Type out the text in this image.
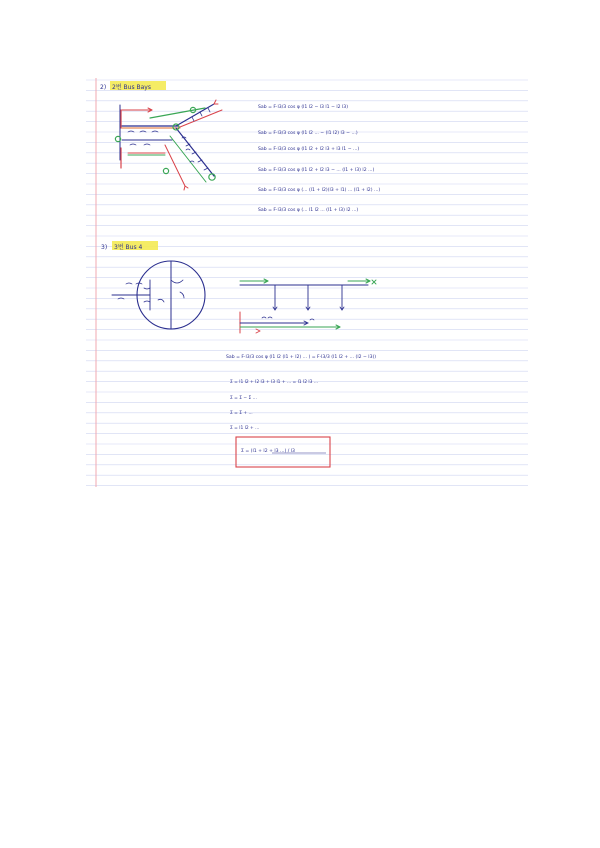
2) 2번 Bus Bays
Sab = F·l3/3 cos φ (l1 l2 − l3 l1 − l2 l3)
Sab = F·l3/3 cos φ (l1 l2 ... − (l1 l2) l3 − ...)
Sab = F·l3/3 cos φ (l1 l2 + l2 l3 + l3 l1 − ...)
Sab = F·l3/3 cos φ (l1 l2 + l2 l3 − ... (l1 + l3) l2 ...)
Sab = F·l3/3 cos φ (... (l1 + l2)(l3 + l1) ... (l1 + l2) ...)
Sab = F·l3/3 cos φ (... l1 l2 ... (l1 + l3) l2 ...)
3) 3번 Bus 4
Sab = F·l3/3 cos φ (l1 l2 (l1 + l2) ... ) = F·l3/3 (l1 l2 + ... (l2 − l3))
Σ = l1 l2 + l2 l3 + l3 l1 + ... = l1 l2 l3 ...
Σ = Σ − Σ ...
Σ = Σ + ...
Σ = l1 l2 + ...
Σ = (l1 + l2 + l3 ...) / l3
